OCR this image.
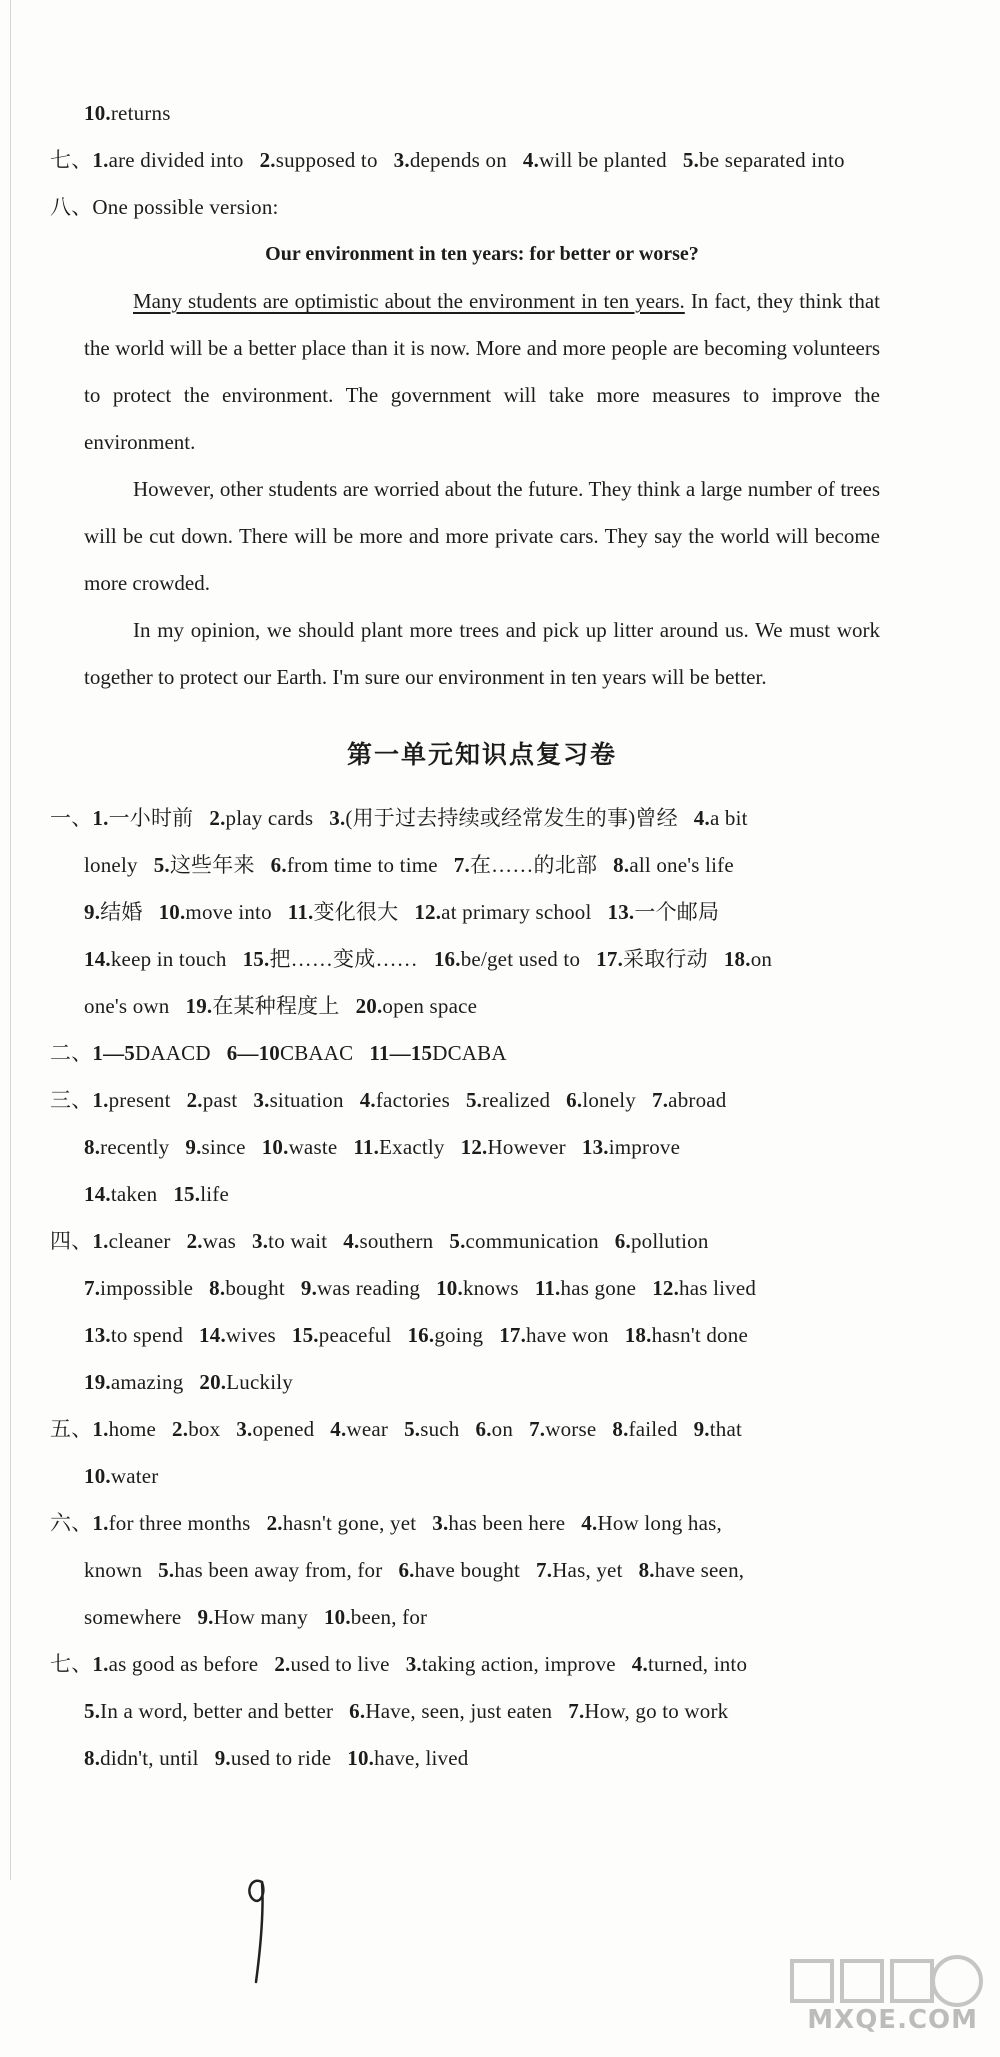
10.returns
七、1.are divided into 2.supposed to 3.depends on 4.will be planted 5.be separated into
八、One possible version:
Our environment in ten years: for better or worse?
Many students are optimistic about the environment in ten years. In fact, they think that the world will be a better place than it is now. More and more people are becoming volunteers to protect the environment. The government will take more measures to improve the environment.
However, other students are worried about the future. They think a large number of trees will be cut down. There will be more and more private cars. They say the world will become more crowded.
In my opinion, we should plant more trees and pick up litter around us. We must work together to protect our Earth. I'm sure our environment in ten years will be better.
第一单元知识点复习卷
一、1.一小时前 2.play cards 3.(用于过去持续或经常发生的事)曾经 4.a bit
lonely 5.这些年来 6.from time to time 7.在……的北部 8.all one's life
9.结婚 10.move into 11.变化很大 12.at primary school 13.一个邮局
14.keep in touch 15.把……变成…… 16.be/get used to 17.采取行动 18.on
one's own 19.在某种程度上 20.open space
二、1—5DAACD 6—10CBAAC 11—15DCABA
三、1.present 2.past 3.situation 4.factories 5.realized 6.lonely 7.abroad
8.recently 9.since 10.waste 11.Exactly 12.However 13.improve
14.taken 15.life
四、1.cleaner 2.was 3.to wait 4.southern 5.communication 6.pollution
7.impossible 8.bought 9.was reading 10.knows 11.has gone 12.has lived
13.to spend 14.wives 15.peaceful 16.going 17.have won 18.hasn't done
19.amazing 20.Luckily
五、1.home 2.box 3.opened 4.wear 5.such 6.on 7.worse 8.failed 9.that
10.water
六、1.for three months 2.hasn't gone, yet 3.has been here 4.How long has,
known 5.has been away from, for 6.have bought 7.Has, yet 8.have seen,
somewhere 9.How many 10.been, for
七、1.as good as before 2.used to live 3.taking action, improve 4.turned, into
5.In a word, better and better 6.Have, seen, just eaten 7.How, go to work
8.didn't, until 9.used to ride 10.have, lived
MXQE.COM
